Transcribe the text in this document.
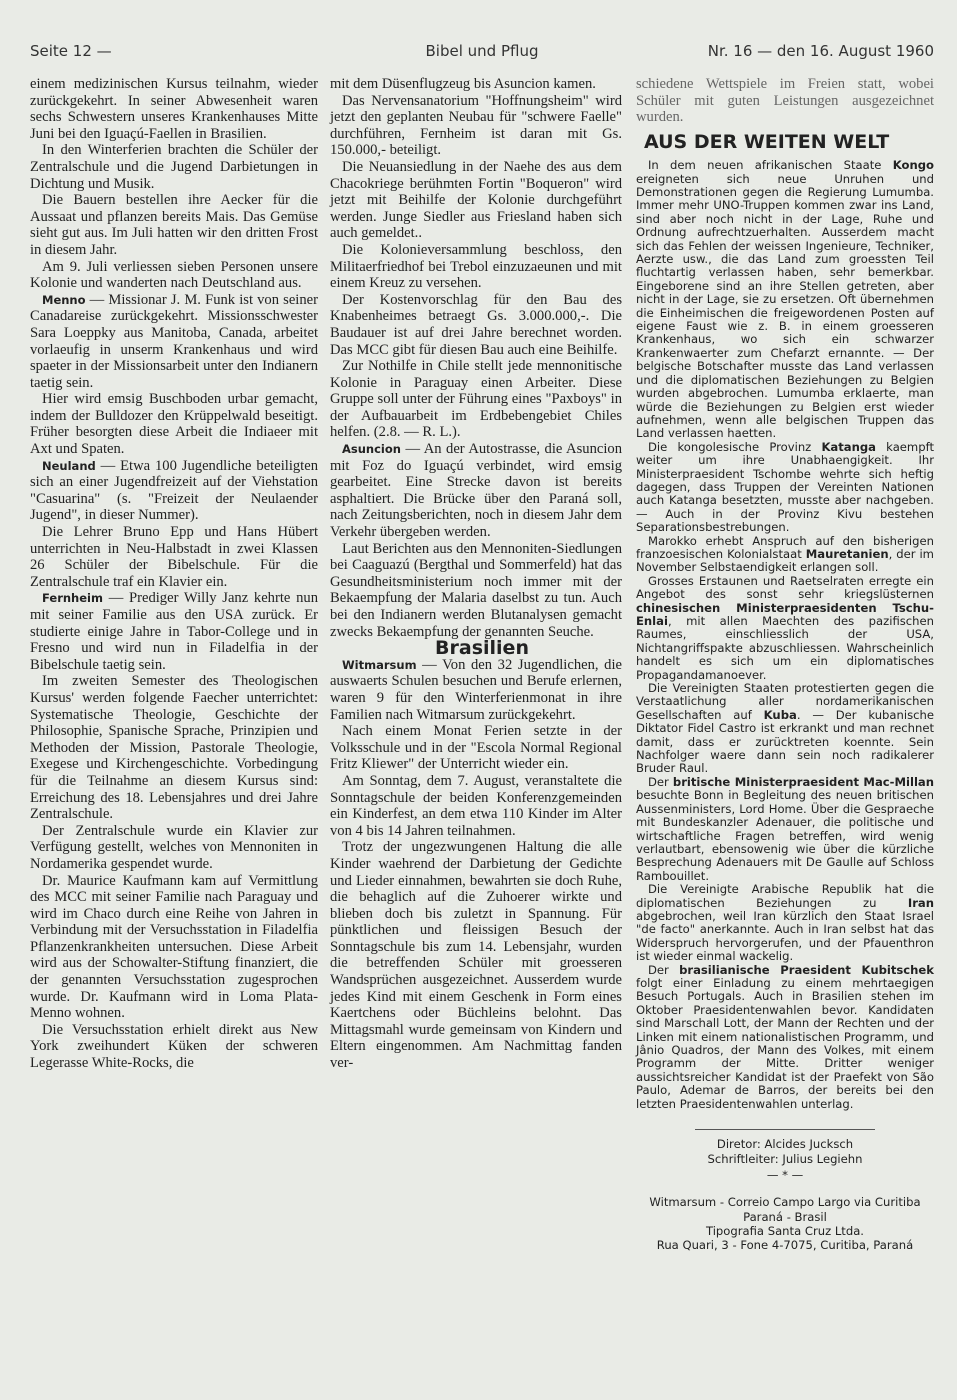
Seite 12 —	Bibel und Pflug	Nr. 16 — den 16. August 1960

einem medizinischen Kursus teilnahm, wieder zurückgekehrt. In seiner Abwesenheit waren sechs Schwestern unseres Krankenhauses Mitte Juni bei den Iguaçú-Faellen in Brasilien.

In den Winterferien brachten die Schüler der Zentralschule und die Jugend Darbietungen in Dichtung und Musik.

Die Bauern bestellen ihre Aecker für die Aussaat und pflanzen bereits Mais. Das Gemüse sieht gut aus. Im Juli hatten wir den dritten Frost in diesem Jahr.

Am 9. Juli verliessen sieben Personen unsere Kolonie und wanderten nach Deutschland aus.

Menno — Missionar J. M. Funk ist von seiner Canadareise zurückgekehrt. Missionsschwester Sara Loeppky aus Manitoba, Canada, arbeitet vorlaeufig in unserm Krankenhaus und wird spaeter in der Missionsarbeit unter den Indianern taetig sein.

Hier wird emsig Buschboden urbar gemacht, indem der Bulldozer den Krüppelwald beseitigt. Früher besorgten diese Arbeit die Indiaeer mit Axt und Spaten.

Neuland — Etwa 100 Jugendliche beteiligten sich an einer Jugendfreizeit auf der Viehstation "Casuarina" (s. "Freizeit der Neulaender Jugend", in dieser Nummer).

Die Lehrer Bruno Epp und Hans Hübert unterrichten in Neu-Halbstadt in zwei Klassen 26 Schüler der Bibelschule. Für die Zentralschule traf ein Klavier ein.

Fernheim — Prediger Willy Janz kehrte nun mit seiner Familie aus den USA zurück. Er studierte einige Jahre in Tabor-College und in Fresno und wird nun in Filadelfia in der Bibelschule taetig sein.

Im zweiten Semester des Theologischen Kursus' werden folgende Faecher unterrichtet: Systematische Theologie, Geschichte der Philosophie, Spanische Sprache, Prinzipien und Methoden der Mission, Pastorale Theologie, Exegese und Kirchengeschichte. Vorbedingung für die Teilnahme an diesem Kursus sind: Erreichung des 18. Lebensjahres und drei Jahre Zentralschule.

Der Zentralschule wurde ein Klavier zur Verfügung gestellt, welches von Mennoniten in Nordamerika gespendet wurde.

Dr. Maurice Kaufmann kam auf Vermittlung des MCC mit seiner Familie nach Paraguay und wird im Chaco durch eine Reihe von Jahren in Verbindung mit der Versuchsstation in Filadelfia Pflanzenkrankheiten untersuchen. Diese Arbeit wird aus der Schowalter-Stiftung finanziert, die der genannten Versuchsstation zugesprochen wurde. Dr. Kaufmann wird in Loma Plata-Menno wohnen.

Die Versuchsstation erhielt direkt aus New York zweihundert Küken der schweren Legerasse White-Rocks, die

mit dem Düsenflugzeug bis Asuncion kamen.

Das Nervensanatorium "Hoffnungsheim" wird jetzt den geplanten Neubau für "schwere Faelle" durchführen, Fernheim ist daran mit Gs. 150.000,- beteiligt.

Die Neuansiedlung in der Naehe des aus dem Chacokriege berühmten Fortin "Boqueron" wird jetzt mit Beihilfe der Kolonie durchgeführt werden. Junge Siedler aus Friesland haben sich auch gemeldet..

Die Kolonieversammlung beschloss, den Militaerfriedhof bei Trebol einzuzaeunen und mit einem Kreuz zu versehen.

Der Kostenvorschlag für den Bau des Knabenheimes betraegt Gs. 3.000.000,-. Die Baudauer ist auf drei Jahre berechnet worden. Das MCC gibt für diesen Bau auch eine Beihilfe.

Zur Nothilfe in Chile stellt jede mennonitische Kolonie in Paraguay einen Arbeiter. Diese Gruppe soll unter der Führung eines "Paxboys" in der Aufbauarbeit im Erdbebengebiet Chiles helfen. (2.8. — R. L.).

Asuncion — An der Autostrasse, die Asuncion mit Foz do Iguaçú verbindet, wird emsig gearbeitet. Eine Strecke davon ist bereits asphaltiert. Die Brücke über den Paraná soll, nach Zeitungsberichten, noch in diesem Jahr dem Verkehr übergeben werden.

Laut Berichten aus den Mennoniten-Siedlungen bei Caaguazú (Bergthal und Sommerfeld) hat das Gesundheitsministerium noch immer mit der Bekaempfung der Malaria daselbst zu tun. Auch bei den Indianern werden Blutanalysen gemacht zwecks Bekaempfung der genannten Seuche.

Brasilien

Witmarsum — Von den 32 Jugendlichen, die auswaerts Schulen besuchen und Berufe erlernen, waren 9 für den Winterferienmonat in ihre Familien nach Witmarsum zurückgekehrt.

Nach einem Monat Ferien setzte in der Volksschule und in der "Escola Normal Regional Fritz Kliewer" der Unterricht wieder ein.

Am Sonntag, dem 7. August, veranstaltete die Sonntagschule der beiden Konferenzgemeinden ein Kinderfest, an dem etwa 110 Kinder im Alter von 4 bis 14 Jahren teilnahmen.

Trotz der ungezwungenen Haltung die alle Kinder waehrend der Darbietung der Gedichte und Lieder einnahmen, bewahrten sie doch Ruhe, die behaglich auf die Zuhoerer wirkte und blieben doch bis zuletzt in Spannung. Für pünktlichen und fleissigen Besuch der Sonntagschule bis zum 14. Lebensjahr, wurden die betreffenden Schüler mit groesseren Wandsprüchen ausgezeichnet. Ausserdem wurde jedes Kind mit einem Geschenk in Form eines Kaertchens oder Büchleins belohnt. Das Mittagsmahl wurde gemeinsam von Kindern und Eltern eingenommen. Am Nachmittag fanden ver-

schiedene Wettspiele im Freien statt, wobei Schüler mit guten Leistungen ausgezeichnet wurden.

AUS DER WEITEN WELT

In dem neuen afrikanischen Staate Kongo ereigneten sich neue Unruhen und Demonstrationen gegen die Regierung Lumumba. Immer mehr UNO-Truppen kommen zwar ins Land, sind aber noch nicht in der Lage, Ruhe und Ordnung aufrechtzuerhalten. Ausserdem macht sich das Fehlen der weissen Ingenieure, Techniker, Aerzte usw., die das Land zum groessten Teil fluchtartig verlassen haben, sehr bemerkbar. Eingeborene sind an ihre Stellen getreten, aber nicht in der Lage, sie zu ersetzen. Oft übernehmen die Einheimischen die freigewordenen Posten auf eigene Faust wie z. B. in einem groesseren Krankenhaus, wo sich ein schwarzer Krankenwaerter zum Chefarzt ernannte. — Der belgische Botschafter musste das Land verlassen und die diplomatischen Beziehungen zu Belgien wurden abgebrochen. Lumumba erklaerte, man würde die Beziehungen zu Belgien erst wieder aufnehmen, wenn alle belgischen Truppen das Land verlassen haetten.

Die kongolesische Provinz Katanga kaempft weiter um ihre Unabhaengigkeit. Ihr Ministerpraesident Tschombe wehrte sich heftig dagegen, dass Truppen der Vereinten Nationen auch Katanga besetzten, musste aber nachgeben. — Auch in der Provinz Kivu bestehen Separationsbestrebungen.

Marokko erhebt Anspruch auf den bisherigen franzoesischen Kolonialstaat Mauretanien, der im November Selbstaendigkeit erlangen soll.

Grosses Erstaunen und Raetselraten erregte ein Angebot des sonst sehr kriegslüsternen chinesischen Ministerpraesidenten Tschu-Enlai, mit allen Maechten des pazifischen Raumes, einschliesslich der USA, Nichtangriffspakte abzuschliessen. Wahrscheinlich handelt es sich um ein diplomatisches Propagandamanoever.

Die Vereinigten Staaten protestierten gegen die Verstaatlichung aller nordamerikanischen Gesellschaften auf Kuba. — Der kubanische Diktator Fidel Castro ist erkrankt und man rechnet damit, dass er zurücktreten koennte. Sein Nachfolger waere dann sein noch radikalerer Bruder Raul.

Der britische Ministerpraesident Mac-Millan besuchte Bonn in Begleitung des neuen britischen Aussenministers, Lord Home. Über die Gespraeche mit Bundeskanzler Adenauer, die politische und wirtschaftliche Fragen betreffen, wird wenig verlautbart, ebensowenig wie über die kürzliche Besprechung Adenauers mit De Gaulle auf Schloss Rambouillet.

Die Vereinigte Arabische Republik hat die diplomatischen Beziehungen zu Iran abgebrochen, weil Iran kürzlich den Staat Israel "de facto" anerkannte. Auch in Iran selbst hat das Widerspruch hervorgerufen, und der Pfauenthron ist wieder einmal wackelig.

Der brasilianische Praesident Kubitschek folgt einer Einladung zu einem mehrtaegigen Besuch Portugals. Auch in Brasilien stehen im Oktober Praesidentenwahlen bevor. Kandidaten sind Marschall Lott, der Mann der Rechten und der Linken mit einem nationalistischen Programm, und Jânio Quadros, der Mann des Volkes, mit einem Programm der Mitte. Dritter weniger aussichtsreicher Kandidat ist der Praefekt von São Paulo, Ademar de Barros, der bereits bei den letzten Praesidentenwahlen unterlag.

Diretor: Alcides Jucksch
Schriftleiter: Julius Legiehn
— * —
Witmarsum - Correio Campo Largo via Curitiba
Paraná - Brasil
Tipografia Santa Cruz Ltda.
Rua Quari, 3 - Fone 4-7075, Curitiba, Paraná
